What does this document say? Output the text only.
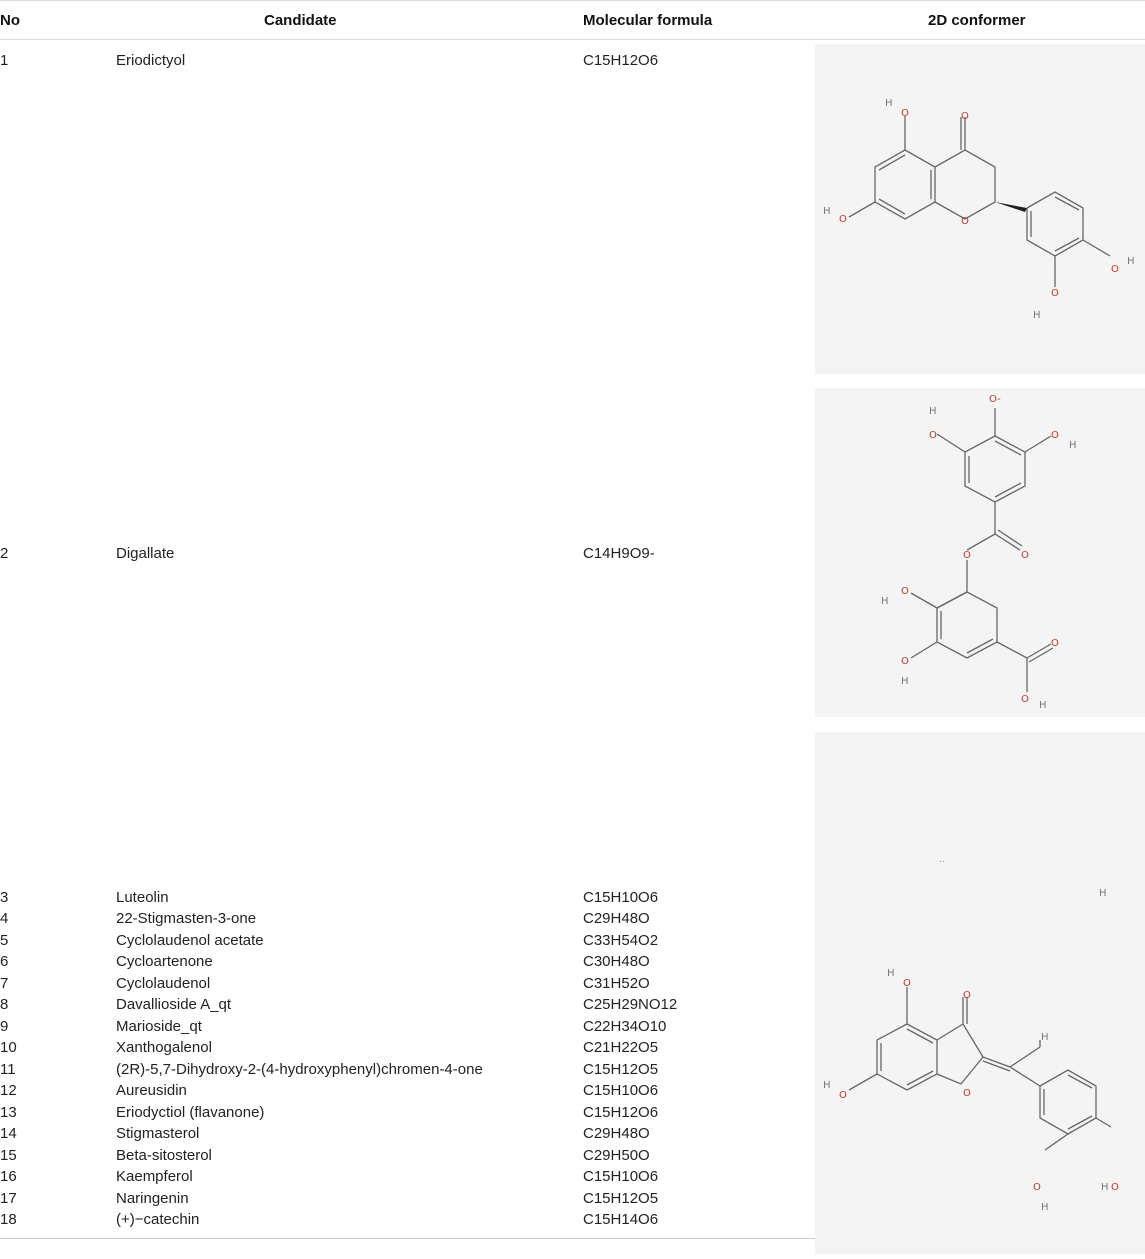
No	Candidate	Molecular formula	2D conformer
1	Eriodictyol	C15H12O6
2	Digallate	C14H9O9-
3	Luteolin	C15H10O6
4	22-Stigmasten-3-one	C29H48O
5	Cyclolaudenol acetate	C33H54O2
6	Cycloartenone	C30H48O
7	Cyclolaudenol	C31H52O
8	Davallioside A_qt	C25H29NO12
9	Marioside_qt	C22H34O10
10	Xanthogalenol	C21H22O5
11	(2R)-5,7-Dihydroxy-2-(4-hydroxyphenyl)chromen-4-one	C15H12O5
12	Aureusidin	C15H10O6
13	Eriodyctiol (flavanone)	C15H12O6
14	Stigmasterol	C29H48O
15	Beta-sitosterol	C29H50O
16	Kaempferol	C15H10O6
17	Naringenin	C15H12O5
18	(+)−catechin	C15H14O6
O
O
O	O
O
O
H
H
H
H
O-
O	O
O
O
O
O
O
O
H
H
H
H
H
..
H
O
O
O	O
O
O
H
H
H
H
H
